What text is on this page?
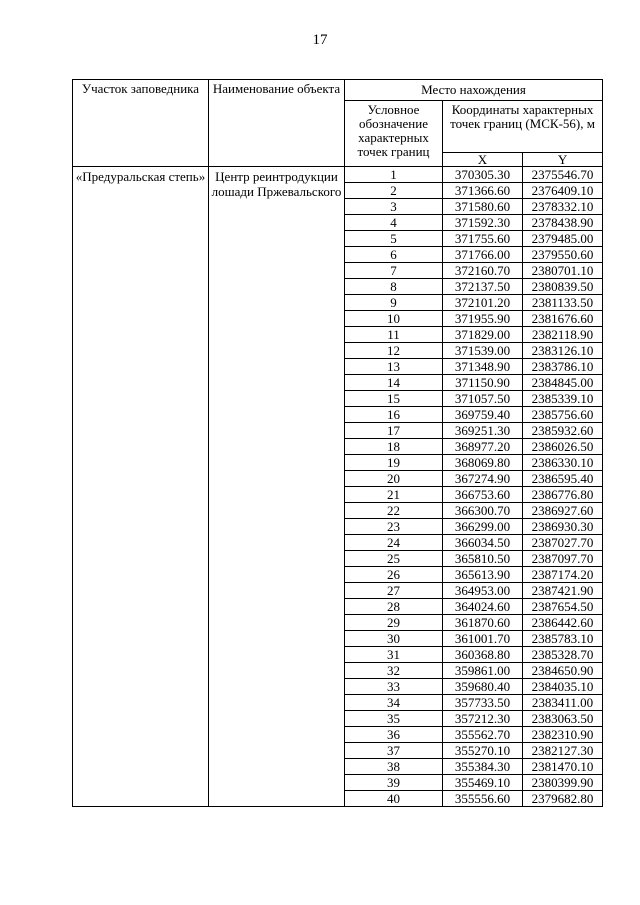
17
Участок заповедника	Наименование объекта	Место нахождения		
		Условное обозначение характерных точек границ	Координаты характерных точек границ (МСК-56), м	
			X	Y
«Предуральская степь»	Центр реинтродукции лошади Пржевальского	1	370305.30	2375546.70
		2	371366.60	2376409.10
		3	371580.60	2378332.10
		4	371592.30	2378438.90
		5	371755.60	2379485.00
		6	371766.00	2379550.60
		7	372160.70	2380701.10
		8	372137.50	2380839.50
		9	372101.20	2381133.50
		10	371955.90	2381676.60
		11	371829.00	2382118.90
		12	371539.00	2383126.10
		13	371348.90	2383786.10
		14	371150.90	2384845.00
		15	371057.50	2385339.10
		16	369759.40	2385756.60
		17	369251.30	2385932.60
		18	368977.20	2386026.50
		19	368069.80	2386330.10
		20	367274.90	2386595.40
		21	366753.60	2386776.80
		22	366300.70	2386927.60
		23	366299.00	2386930.30
		24	366034.50	2387027.70
		25	365810.50	2387097.70
		26	365613.90	2387174.20
		27	364953.00	2387421.90
		28	364024.60	2387654.50
		29	361870.60	2386442.60
		30	361001.70	2385783.10
		31	360368.80	2385328.70
		32	359861.00	2384650.90
		33	359680.40	2384035.10
		34	357733.50	2383411.00
		35	357212.30	2383063.50
		36	355562.70	2382310.90
		37	355270.10	2382127.30
		38	355384.30	2381470.10
		39	355469.10	2380399.90
		40	355556.60	2379682.80
